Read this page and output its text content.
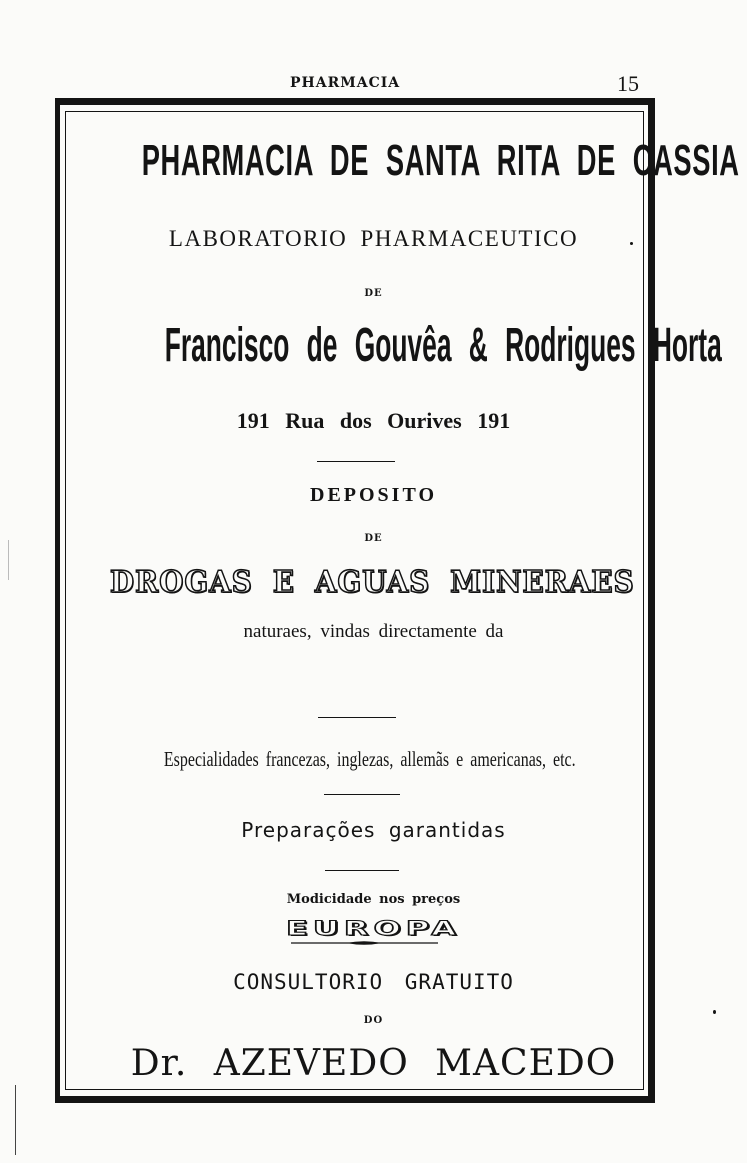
PHARMACIA	15
PHARMACIA DE SANTA RITA DE CASSIA
LABORATORIO PHARMACEUTICO
DE
Francisco de Gouvêa & Rodrigues Horta
191 Rua dos Ourives 191
DEPOSITO
DE
DROGAS E AGUAS MINERAES
naturaes, vindas directamente da
EUROPA
Especialidades francezas, inglezas, allemãs e americanas, etc.
Preparações garantidas
Modicidade nos preços
CONSULTORIO GRATUITO
DO
Dr. AZEVEDO MACEDO
